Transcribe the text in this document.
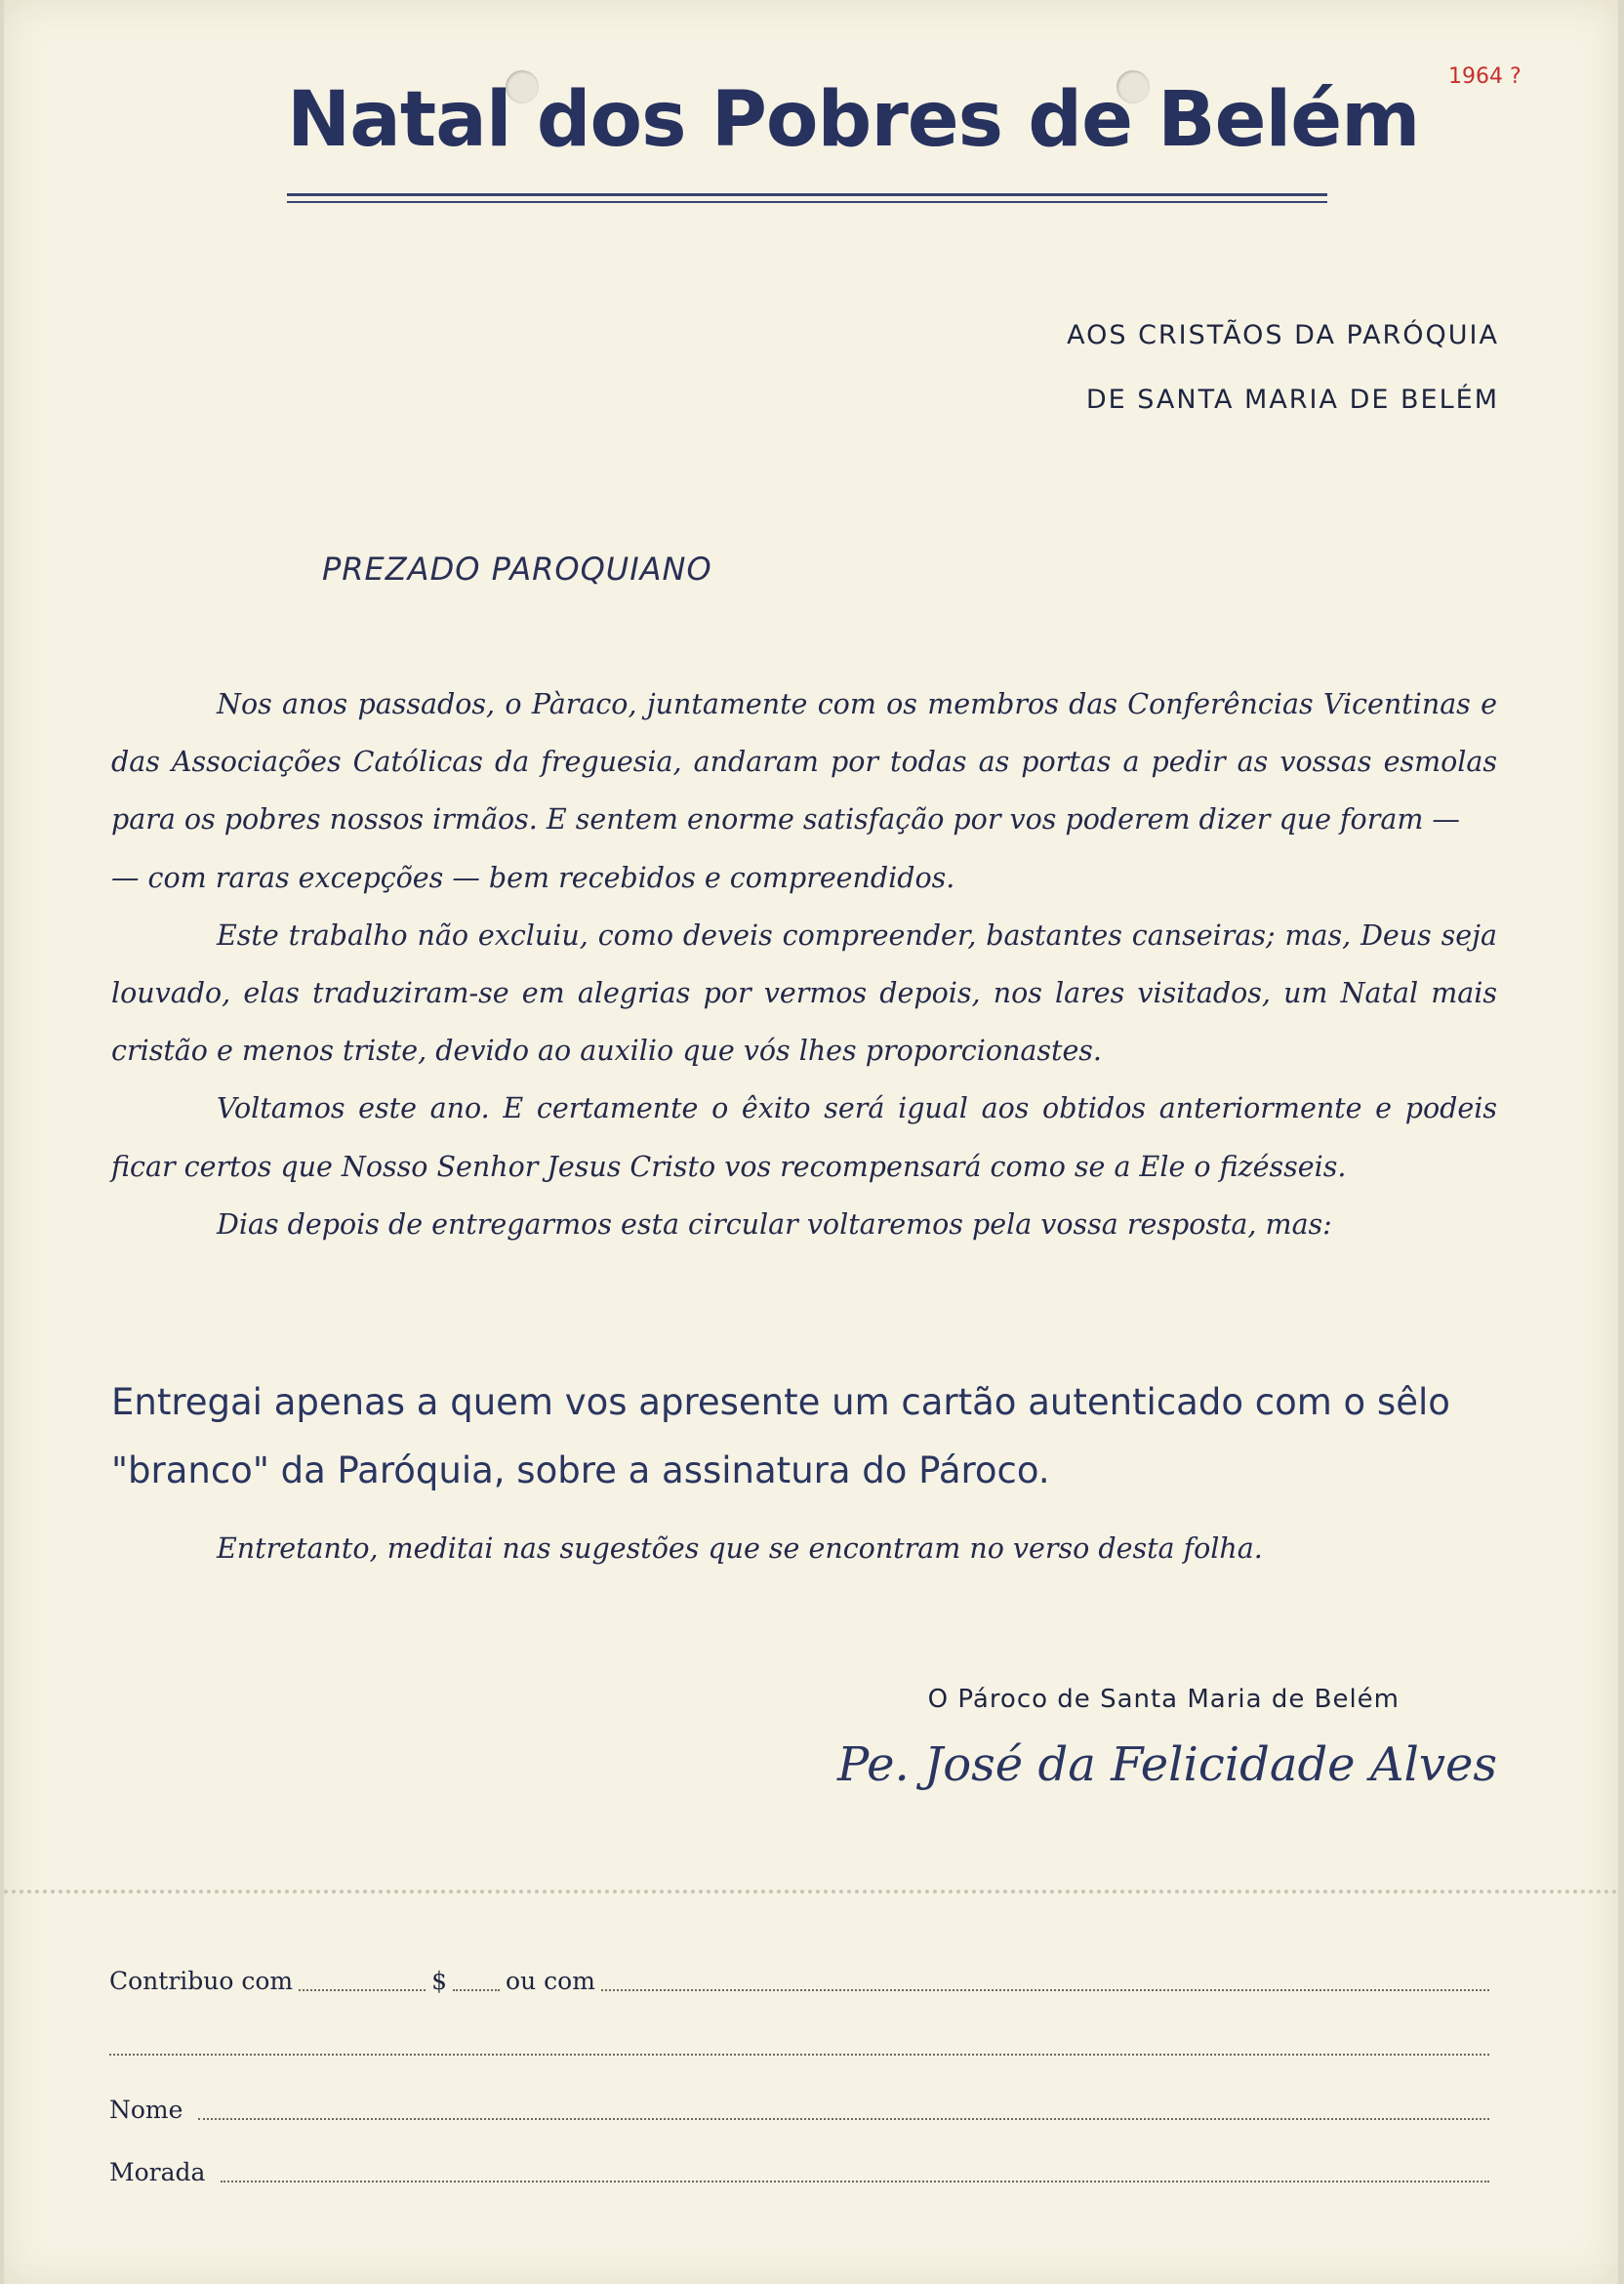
1964 ?
Natal dos Pobres de Belém
AOS CRISTÃOS DA PARÓQUIA
DE SANTA MARIA DE BELÉM
PREZADO PAROQUIANO

Nos anos passados, o Pàraco, juntamente com os membros das Conferências Vicentinas e das Associações Católicas da freguesia, andaram por todas as portas a pedir as vossas esmolas para os pobres nossos irmãos. E sentem enorme satisfação por vos poderem dizer que foram —

— com raras excepções — bem recebidos e compreendidos.

Este trabalho não excluiu, como deveis compreender, bastantes canseiras; mas, Deus seja louvado, elas traduziram-se em alegrias por vermos depois, nos lares visitados, um Natal mais cristão e menos triste, devido ao auxilio que vós lhes proporcionastes.

Voltamos este ano. E certamente o êxito será igual aos obtidos anteriormente e podeis ficar certos que Nosso Senhor Jesus Cristo vos recompensará como se a Ele o fizésseis.

Dias depois de entregarmos esta circular voltaremos pela vossa resposta, mas:

Entregai apenas a quem vos apresente um cartão autenticado com o sêlo "branco" da Paróquia, sobre a assinatura do Pároco.
Entretanto, meditai nas sugestões que se encontram no verso desta folha.
O Pároco de Santa Maria de Belém
Pe. José da Felicidade Alves
Contribuo com	$ ou com
Nome
Morada
